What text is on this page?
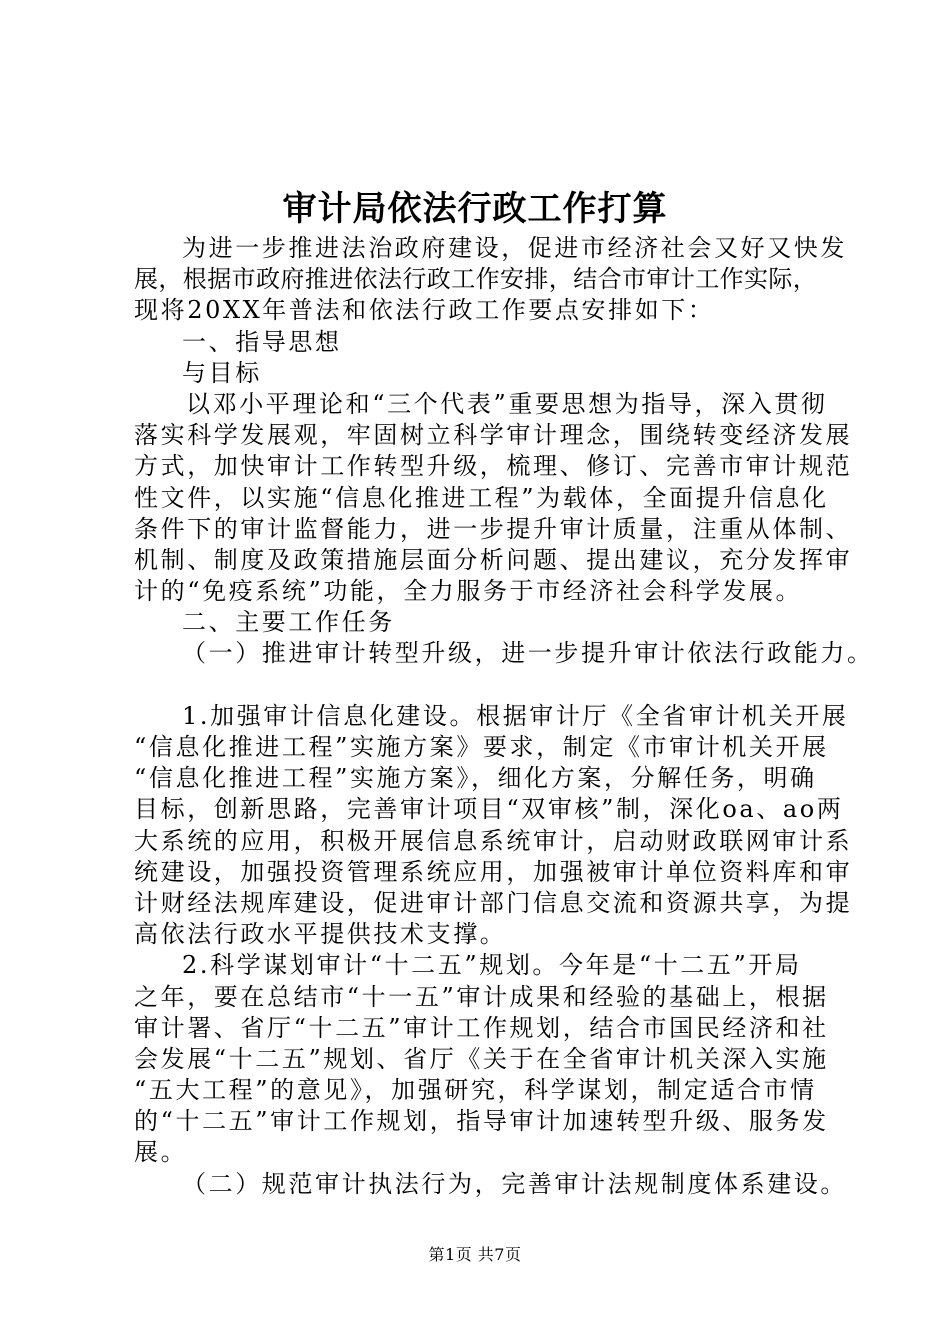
审计局依法行政工作打算
为进一步推进法治政府建设，促进市经济社会又好又快发
展，根据市政府推进依法行政工作安排，结合市审计工作实际，
现将20XX年普法和依法行政工作要点安排如下：
一、指导思想
与目标
以邓小平理论和“三个代表”重要思想为指导，深入贯彻
落实科学发展观，牢固树立科学审计理念，围绕转变经济发展
方式，加快审计工作转型升级，梳理、修订、完善市审计规范
性文件，以实施“信息化推进工程”为载体，全面提升信息化
条件下的审计监督能力，进一步提升审计质量，注重从体制、
机制、制度及政策措施层面分析问题、提出建议，充分发挥审
计的“免疫系统”功能，全力服务于市经济社会科学发展。
二、主要工作任务
（一）推进审计转型升级，进一步提升审计依法行政能力。
1.加强审计信息化建设。根据审计厅《全省审计机关开展
“信息化推进工程”实施方案》要求，制定《市审计机关开展
“信息化推进工程”实施方案》，细化方案，分解任务，明确
目标，创新思路，完善审计项目“双审核”制，深化oa、ao两
大系统的应用，积极开展信息系统审计，启动财政联网审计系
统建设，加强投资管理系统应用，加强被审计单位资料库和审
计财经法规库建设，促进审计部门信息交流和资源共享，为提
高依法行政水平提供技术支撑。
2.科学谋划审计“十二五”规划。今年是“十二五”开局
之年，要在总结市“十一五”审计成果和经验的基础上，根据
审计署、省厅“十二五”审计工作规划，结合市国民经济和社
会发展“十二五”规划、省厅《关于在全省审计机关深入实施
“五大工程”的意见》，加强研究，科学谋划，制定适合市情
的“十二五”审计工作规划，指导审计加速转型升级、服务发
展。
（二）规范审计执法行为，完善审计法规制度体系建设。
第1页 共7页
